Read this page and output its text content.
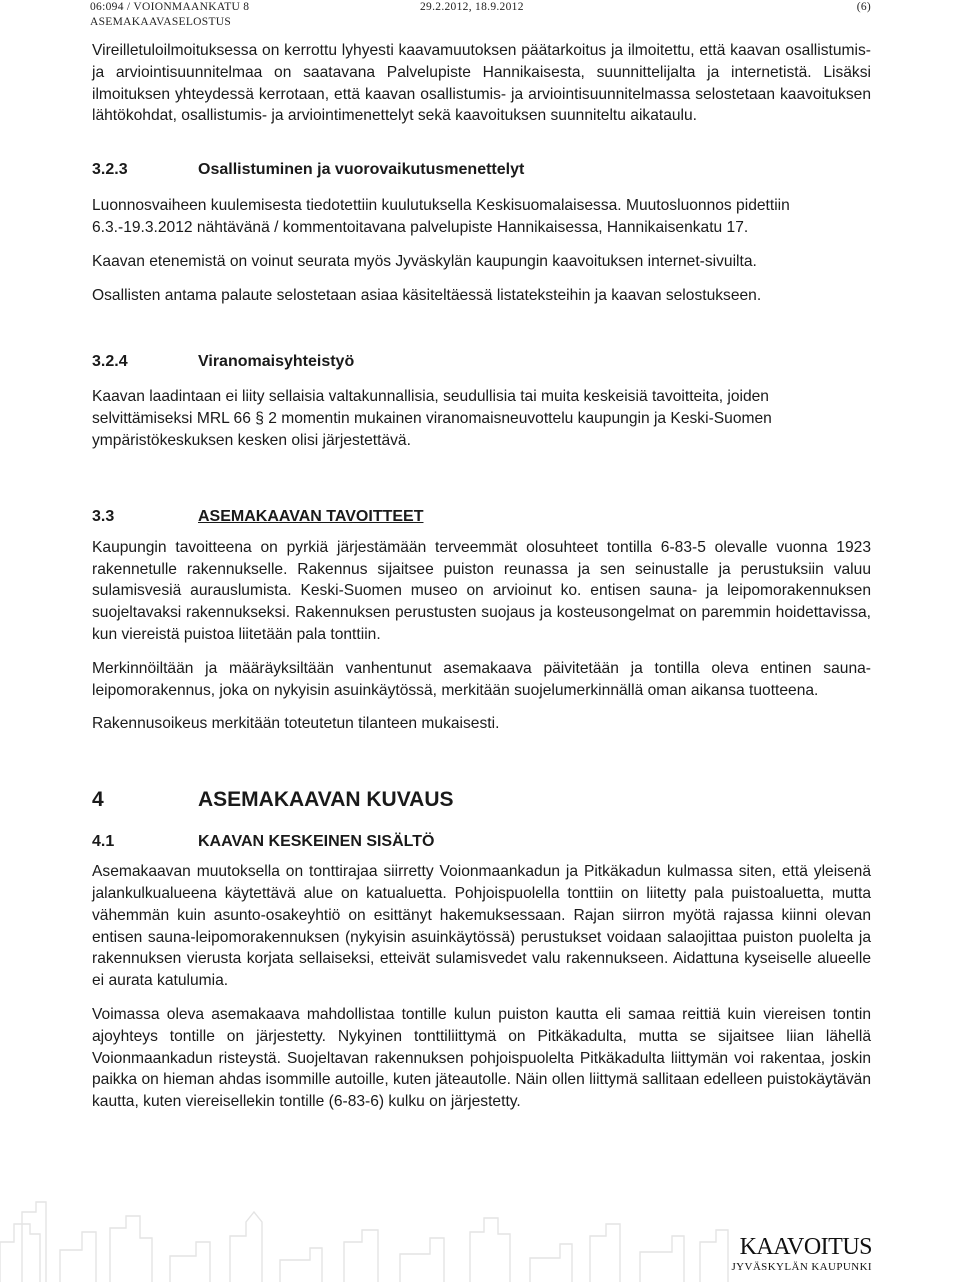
06:094 / VOIONMAANKATU 8	29.2.2012, 18.9.2012	(6)
ASEMAKAAVASELOSTUS

Vireilletuloilmoituksessa on kerrottu lyhyesti kaavamuutoksen päätarkoitus ja ilmoitettu, että kaavan osallistumis- ja arviointisuunnitelmaa on saatavana Palvelupiste Hannikaisesta, suunnittelijalta ja internetistä. Lisäksi ilmoituksen yhteydessä kerrotaan, että kaavan osallistumis- ja arviointisuunnitelmassa selostetaan kaavoituksen lähtökohdat, osallistumis- ja arviointimenettelyt sekä kaavoituksen suunniteltu aikataulu.

3.2.3	Osallistuminen ja vuorovaikutusmenettelyt

Luonnosvaiheen kuulemisesta tiedotettiin kuulutuksella Keskisuomalaisessa. Muutosluonnos pidettiin 6.3.-19.3.2012 nähtävänä / kommentoitavana palvelupiste Hannikaisessa, Hannikaisenkatu 17.

Kaavan etenemistä on voinut seurata myös Jyväskylän kaupungin kaavoituksen internet-sivuilta.

Osallisten antama palaute selostetaan asiaa käsiteltäessä listateksteihin ja kaavan selostukseen.

3.2.4	Viranomaisyhteistyö

Kaavan laadintaan ei liity sellaisia valtakunnallisia, seudullisia tai muita keskeisiä tavoitteita, joiden selvittämiseksi MRL 66 § 2 momentin mukainen viranomaisneuvottelu kaupungin ja Keski-Suomen ympäristökeskuksen kesken olisi järjestettävä.

3.3	ASEMAKAAVAN TAVOITTEET

Kaupungin tavoitteena on pyrkiä järjestämään terveemmät olosuhteet tontilla 6-83-5 olevalle vuonna 1923 rakennetulle rakennukselle. Rakennus sijaitsee puiston reunassa ja sen seinustalle ja perustuksiin valuu sulamisvesiä aurauslumista. Keski-Suomen museo on arvioinut ko. entisen sauna- ja leipomorakennuksen suojeltavaksi rakennukseksi. Rakennuksen perustusten suojaus ja kosteusongelmat on paremmin hoidettavissa, kun viereistä puistoa liitetään pala tonttiin.

Merkinnöiltään ja määräyksiltään vanhentunut asemakaava päivitetään ja tontilla oleva entinen sauna-leipomorakennus, joka on nykyisin asuinkäytössä, merkitään suojelumerkinnällä oman aikansa tuotteena.

Rakennusoikeus merkitään toteutetun tilanteen mukaisesti.

4	ASEMAKAAVAN KUVAUS
4.1	KAAVAN KESKEINEN SISÄLTÖ

Asemakaavan muutoksella on tonttirajaa siirretty Voionmaankadun ja Pitkäkadun kulmassa siten, että yleisenä jalankulkualueena käytettävä alue on katualuetta. Pohjoispuolella tonttiin on liitetty pala puistoaluetta, mutta vähemmän kuin asunto-osakeyhtiö on esittänyt hakemuksessaan. Rajan siirron myötä rajassa kiinni olevan entisen sauna-leipomorakennuksen (nykyisin asuinkäytössä) perustukset voidaan salaojittaa puiston puolelta ja rakennuksen vierusta korjata sellaiseksi, etteivät sulamisvedet valu rakennukseen. Aidattuna kyseiselle alueelle ei aurata katulumia.

Voimassa oleva asemakaava mahdollistaa tontille kulun puiston kautta eli samaa reittiä kuin viereisen tontin ajoyhteys tontille on järjestetty. Nykyinen tonttiliittymä on Pitkäkadulta, mutta se sijaitsee liian lähellä Voionmaankadun risteystä. Suojeltavan rakennuksen pohjoispuolelta Pitkäkadulta liittymän voi rakentaa, joskin paikka on hieman ahdas isommille autoille, kuten jäteautolle. Näin ollen liittymä sallitaan edelleen puistokäytävän kautta, kuten viereisellekin tontille (6-83-6) kulku on järjestetty.

KAAVOITUS
JYVÄSKYLÄN KAUPUNKI
